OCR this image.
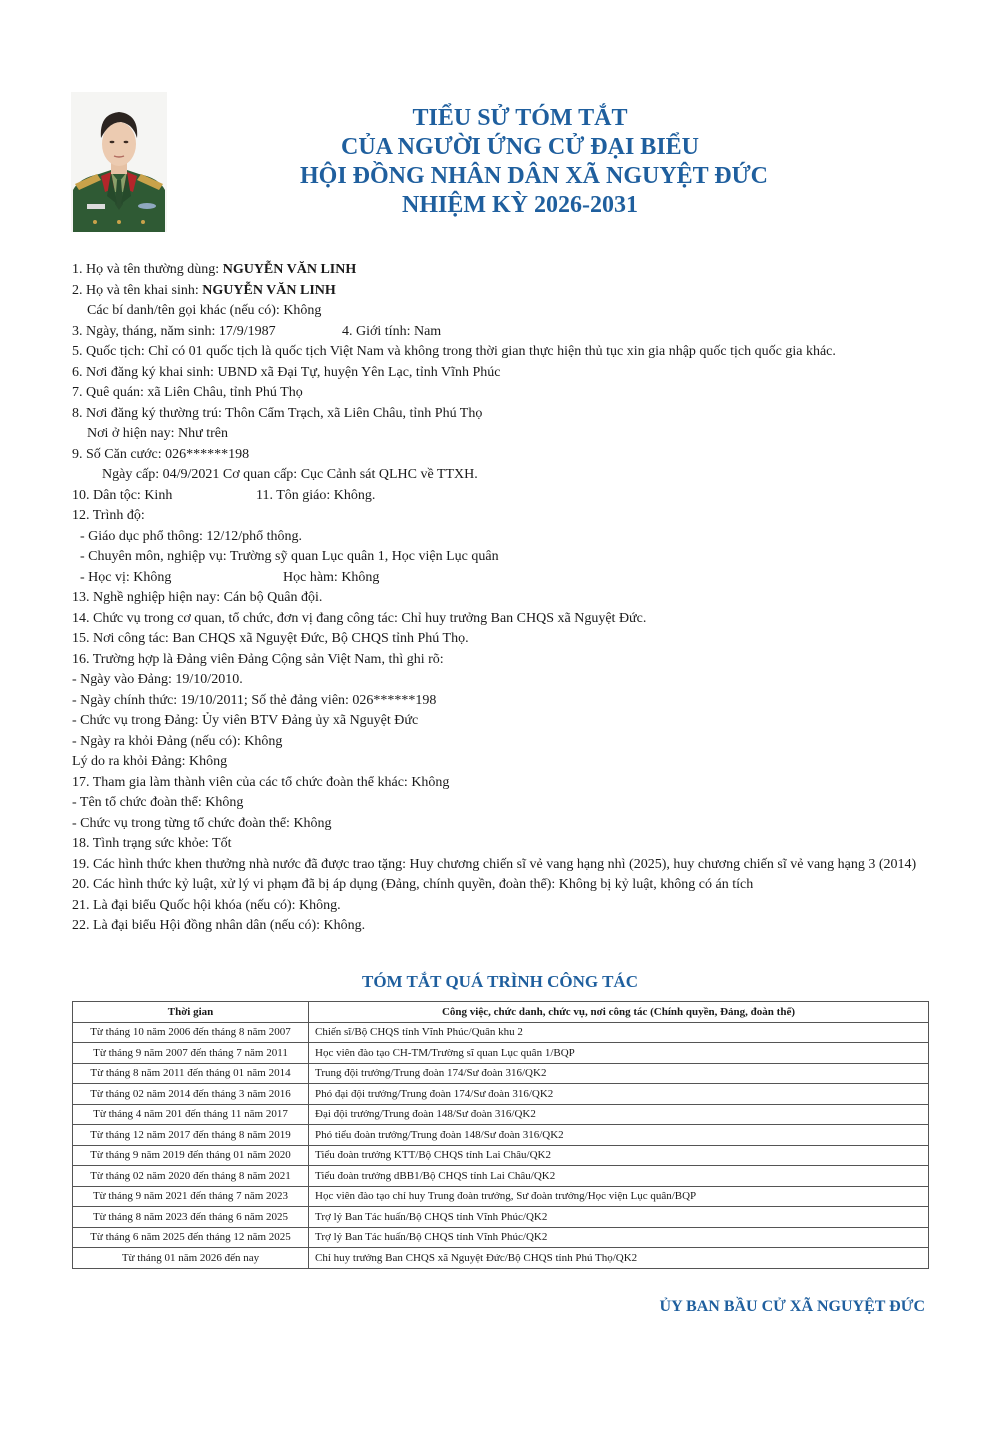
TIỂU SỬ TÓM TẮT
CỦA NGƯỜI ỨNG CỬ ĐẠI BIỂU
HỘI ĐỒNG NHÂN DÂN XÃ NGUYỆT ĐỨC
NHIỆM KỲ 2026-2031
1. Họ và tên thường dùng: NGUYỄN VĂN LINH
2. Họ và tên khai sinh: NGUYỄN VĂN LINH
Các bí danh/tên gọi khác (nếu có): Không
3. Ngày, tháng, năm sinh: 17/9/1987	4. Giới tính: Nam
5. Quốc tịch: Chỉ có 01 quốc tịch là quốc tịch Việt Nam và không trong thời gian thực hiện thủ tục xin gia nhập quốc tịch quốc gia khác.
6. Nơi đăng ký khai sinh: UBND xã Đại Tự, huyện Yên Lạc, tỉnh Vĩnh Phúc
7. Quê quán: xã Liên Châu, tỉnh Phú Thọ
8. Nơi đăng ký thường trú: Thôn Cẩm Trạch, xã Liên Châu, tỉnh Phú Thọ
Nơi ở hiện nay: Như trên
9. Số Căn cước: 026******198
Ngày cấp: 04/9/2021 Cơ quan cấp: Cục Cảnh sát QLHC về TTXH.
10. Dân tộc: Kinh	11. Tôn giáo: Không.
12. Trình độ:
- Giáo dục phổ thông: 12/12/phổ thông.
- Chuyên môn, nghiệp vụ: Trường sỹ quan Lục quân 1, Học viện Lục quân
- Học vị: Không	Học hàm: Không
13. Nghề nghiệp hiện nay: Cán bộ Quân đội.
14. Chức vụ trong cơ quan, tổ chức, đơn vị đang công tác: Chỉ huy trưởng Ban CHQS xã Nguyệt Đức.
15. Nơi công tác: Ban CHQS xã Nguyệt Đức, Bộ CHQS tỉnh Phú Thọ.
16. Trường hợp là Đảng viên Đảng Cộng sản Việt Nam, thì ghi rõ:
- Ngày vào Đảng: 19/10/2010.
- Ngày chính thức: 19/10/2011; Số thẻ đảng viên: 026******198
- Chức vụ trong Đảng: Ủy viên BTV Đảng ủy xã Nguyệt Đức
- Ngày ra khỏi Đảng (nếu có): Không
Lý do ra khỏi Đảng: Không
17. Tham gia làm thành viên của các tổ chức đoàn thể khác: Không
- Tên tổ chức đoàn thể: Không
- Chức vụ trong từng tổ chức đoàn thể: Không
18. Tình trạng sức khỏe: Tốt
19. Các hình thức khen thưởng nhà nước đã được trao tặng: Huy chương chiến sĩ vẻ vang hạng nhì (2025), huy chương chiến sĩ vẻ vang hạng 3 (2014)
20. Các hình thức kỷ luật, xử lý vi phạm đã bị áp dụng (Đảng, chính quyền, đoàn thể): Không bị kỷ luật, không có án tích
21. Là đại biểu Quốc hội khóa (nếu có): Không.
22. Là đại biểu Hội đồng nhân dân (nếu có): Không.
TÓM TẮT QUÁ TRÌNH CÔNG TÁC
Thời gian	Công việc, chức danh, chức vụ, nơi công tác (Chính quyền, Đảng, đoàn thể)
Từ tháng 10 năm 2006 đến tháng 8 năm 2007	Chiến sĩ/Bộ CHQS tỉnh Vĩnh Phúc/Quân khu 2
Từ tháng 9 năm 2007 đến tháng 7 năm 2011	Học viên đào tạo CH-TM/Trường sĩ quan Lục quân 1/BQP
Từ tháng 8 năm 2011 đến tháng 01 năm 2014	Trung đội trưởng/Trung đoàn 174/Sư đoàn 316/QK2
Từ tháng 02 năm 2014 đến tháng 3 năm 2016	Phó đại đội trưởng/Trung đoàn 174/Sư đoàn 316/QK2
Từ tháng 4 năm 201 đến tháng 11 năm 2017	Đại đội trưởng/Trung đoàn 148/Sư đoàn 316/QK2
Từ tháng 12 năm 2017 đến tháng 8 năm 2019	Phó tiểu đoàn trưởng/Trung đoàn 148/Sư đoàn 316/QK2
Từ tháng 9 năm 2019 đến tháng 01 năm 2020	Tiểu đoàn trưởng KTT/Bộ CHQS tỉnh Lai Châu/QK2
Từ tháng 02 năm 2020 đến tháng 8 năm 2021	Tiểu đoàn trưởng dBB1/Bộ CHQS tỉnh Lai Châu/QK2
Từ tháng 9 năm 2021 đến tháng 7 năm 2023	Học viên đào tạo chỉ huy Trung đoàn trưởng, Sư đoàn trưởng/Học viện Lục quân/BQP
Từ tháng 8 năm 2023 đến tháng 6 năm 2025	Trợ lý Ban Tác huấn/Bộ CHQS tỉnh Vĩnh Phúc/QK2
Từ tháng 6 năm 2025 đến tháng 12 năm 2025	Trợ lý Ban Tác huấn/Bộ CHQS tỉnh Vĩnh Phúc/QK2
Từ tháng 01 năm 2026 đến nay	Chỉ huy trưởng Ban CHQS xã Nguyệt Đức/Bộ CHQS tỉnh Phú Thọ/QK2
ỦY BAN BẦU CỬ XÃ NGUYỆT ĐỨC
